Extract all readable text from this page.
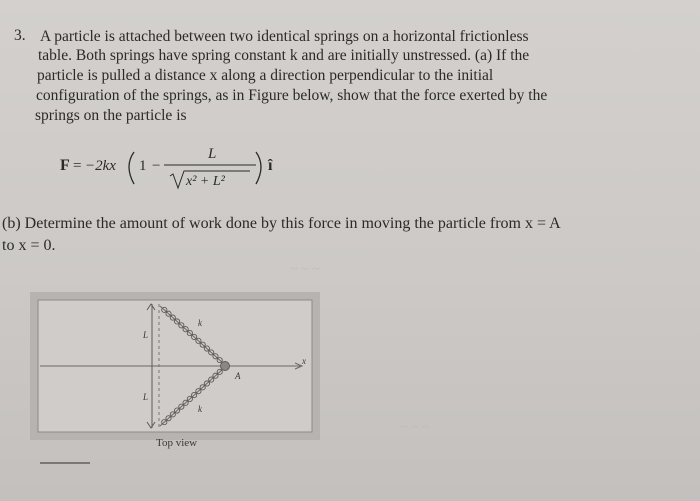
3. A particle is attached between two identical springs on a horizontal frictionless
table. Both springs have spring constant k and are initially unstressed. (a) If the
particle is pulled a distance x along a direction perpendicular to the initial
configuration of the springs, as in Figure below, show that the force exerted by the
springs on the particle is
F = −2kx 1 −
L
x² + L²
î
(b) Determine the amount of work done by this force in moving the particle from x = A
to x = 0.
~ ~ ~
~ ~ ~
x
L
L
k
k
A
Top view
